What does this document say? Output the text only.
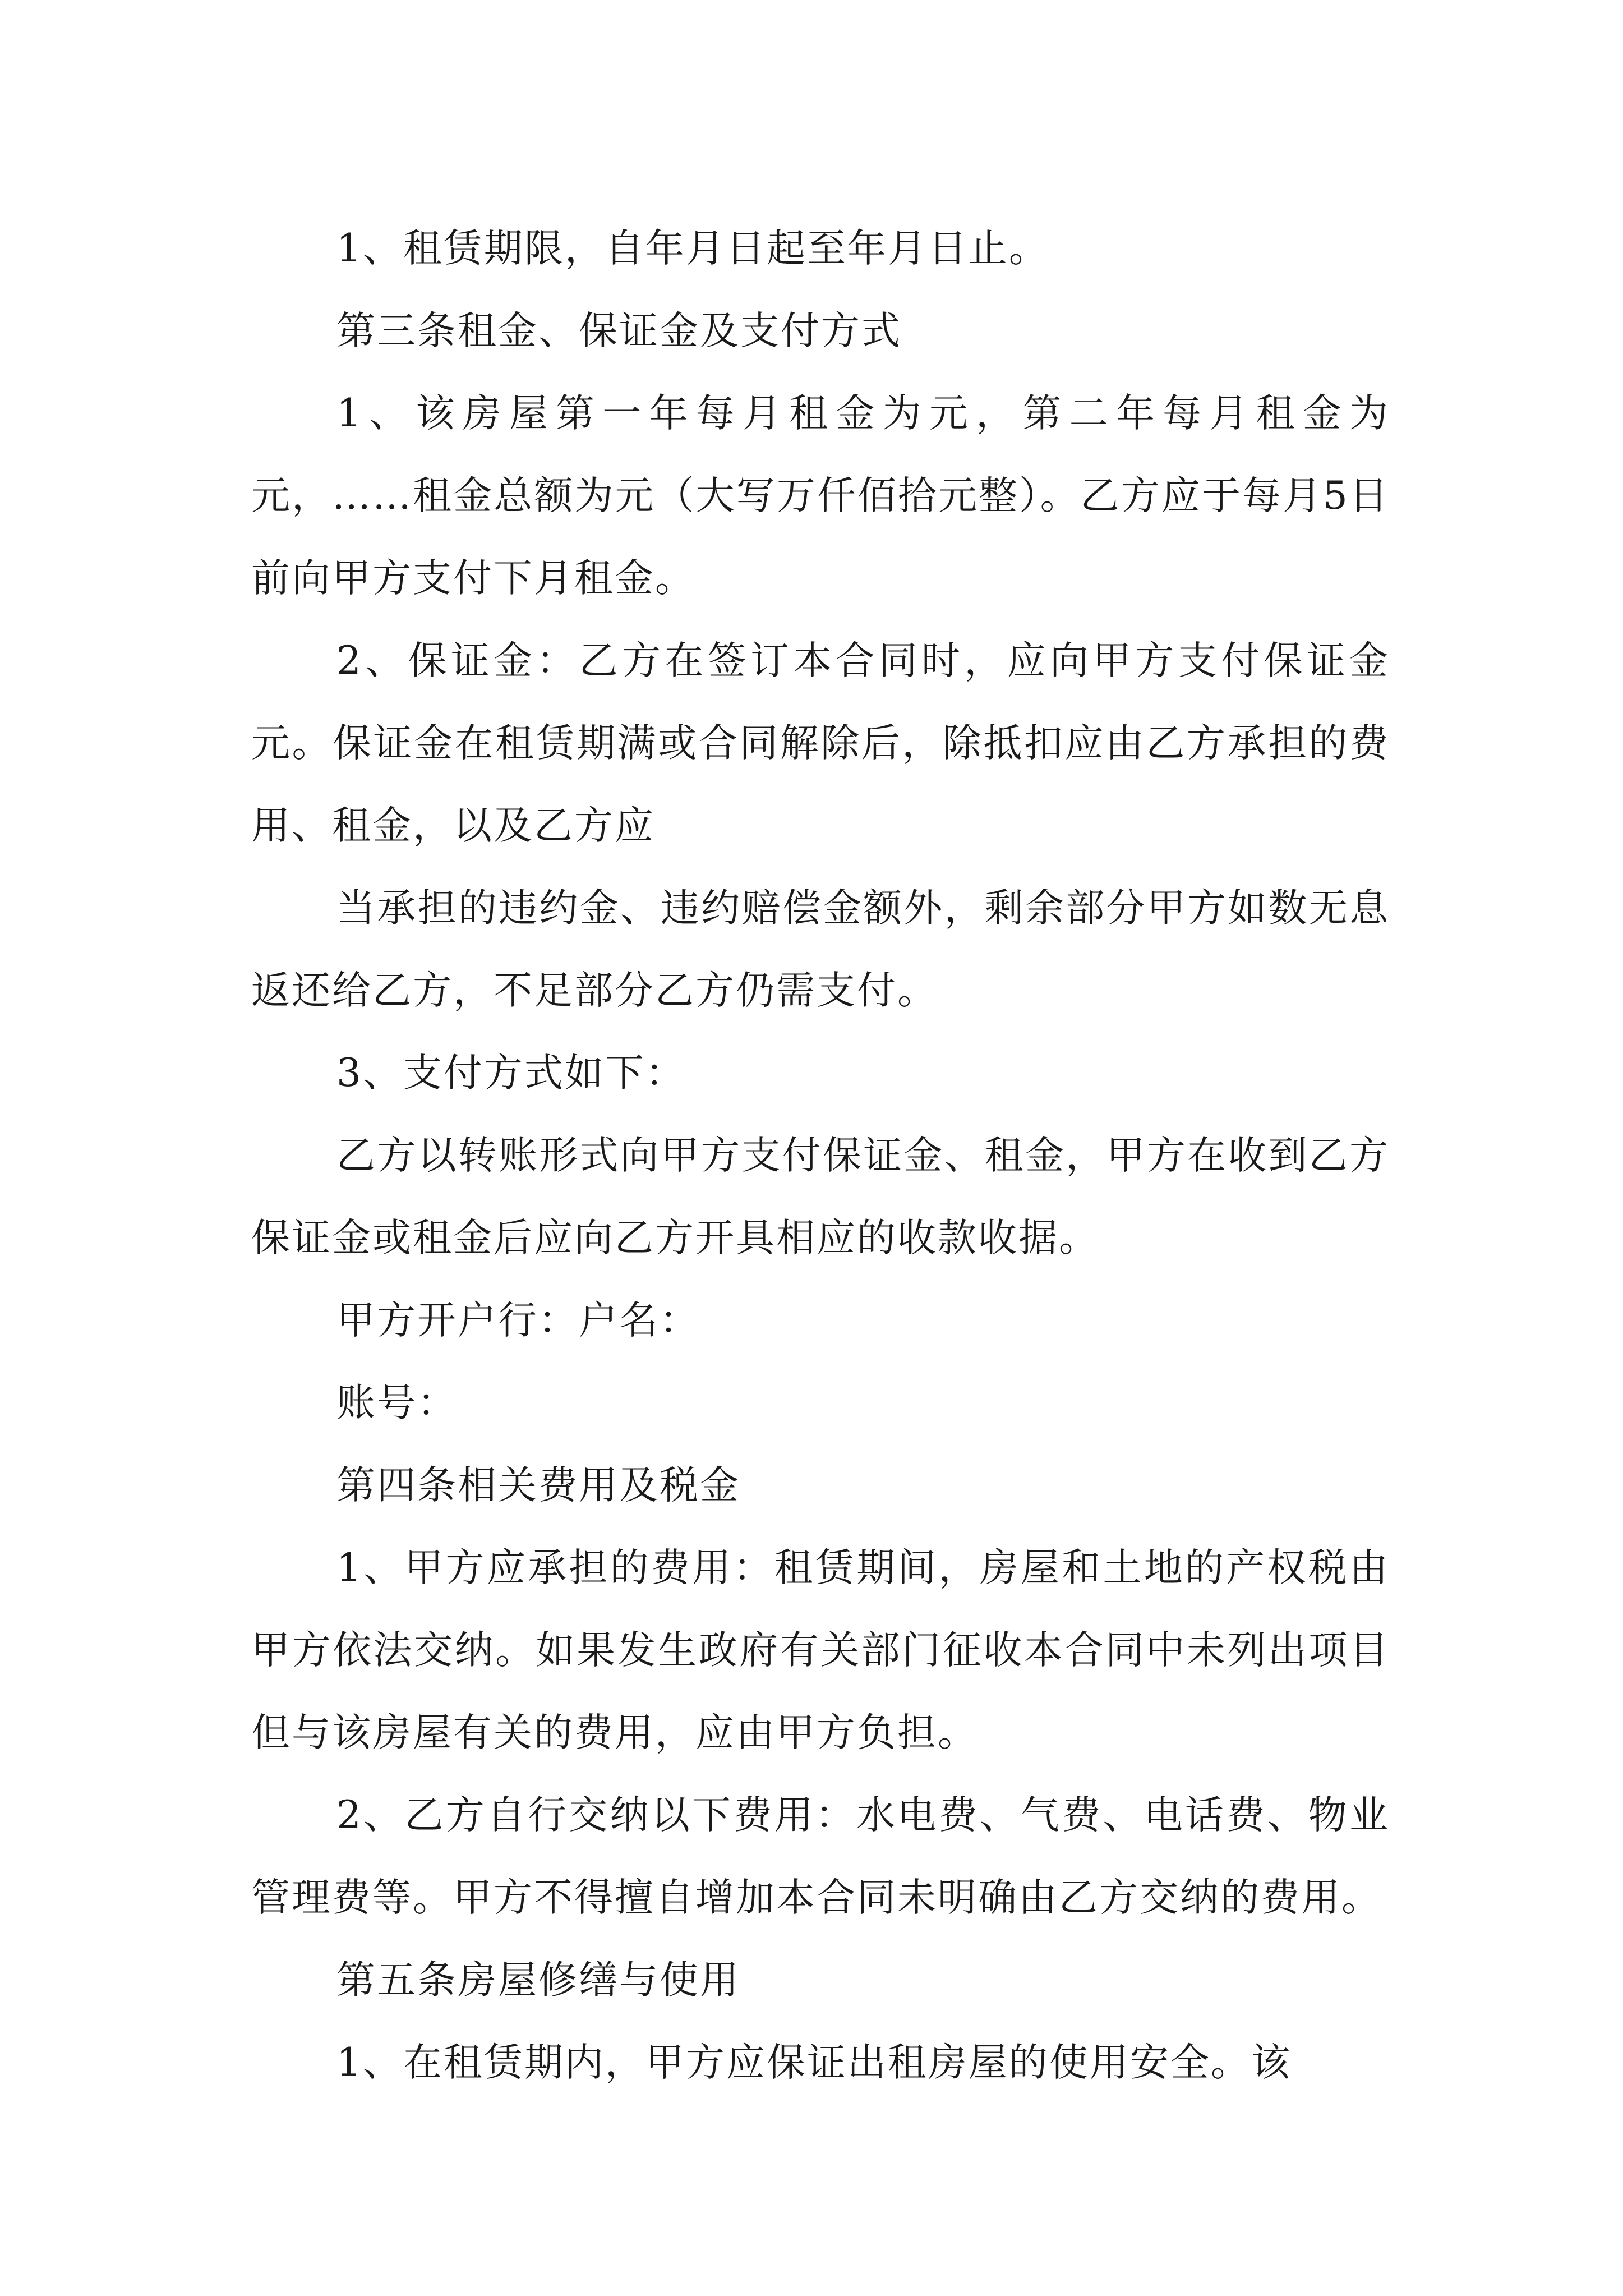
1、租赁期限，自年月日起至年月日止。

第三条租金、保证金及支付方式

1、该房屋第一年每月租金为元，第二年每月租金为元，……租金总额为元（大写万仟佰拾元整）。乙方应于每月5日前向甲方支付下月租金。

2、保证金：乙方在签订本合同时，应向甲方支付保证金元。保证金在租赁期满或合同解除后，除抵扣应由乙方承担的费用、租金，以及乙方应

当承担的违约金、违约赔偿金额外，剩余部分甲方如数无息返还给乙方，不足部分乙方仍需支付。

3、支付方式如下：

乙方以转账形式向甲方支付保证金、租金，甲方在收到乙方保证金或租金后应向乙方开具相应的收款收据。

甲方开户行：户名：

账号：

第四条相关费用及税金

1、甲方应承担的费用：租赁期间，房屋和土地的产权税由甲方依法交纳。如果发生政府有关部门征收本合同中未列出项目但与该房屋有关的费用，应由甲方负担。

2、乙方自行交纳以下费用：水电费、气费、电话费、物业管理费等。甲方不得擅自增加本合同未明确由乙方交纳的费用。

第五条房屋修缮与使用

1、在租赁期内，甲方应保证出租房屋的使用安全。该
